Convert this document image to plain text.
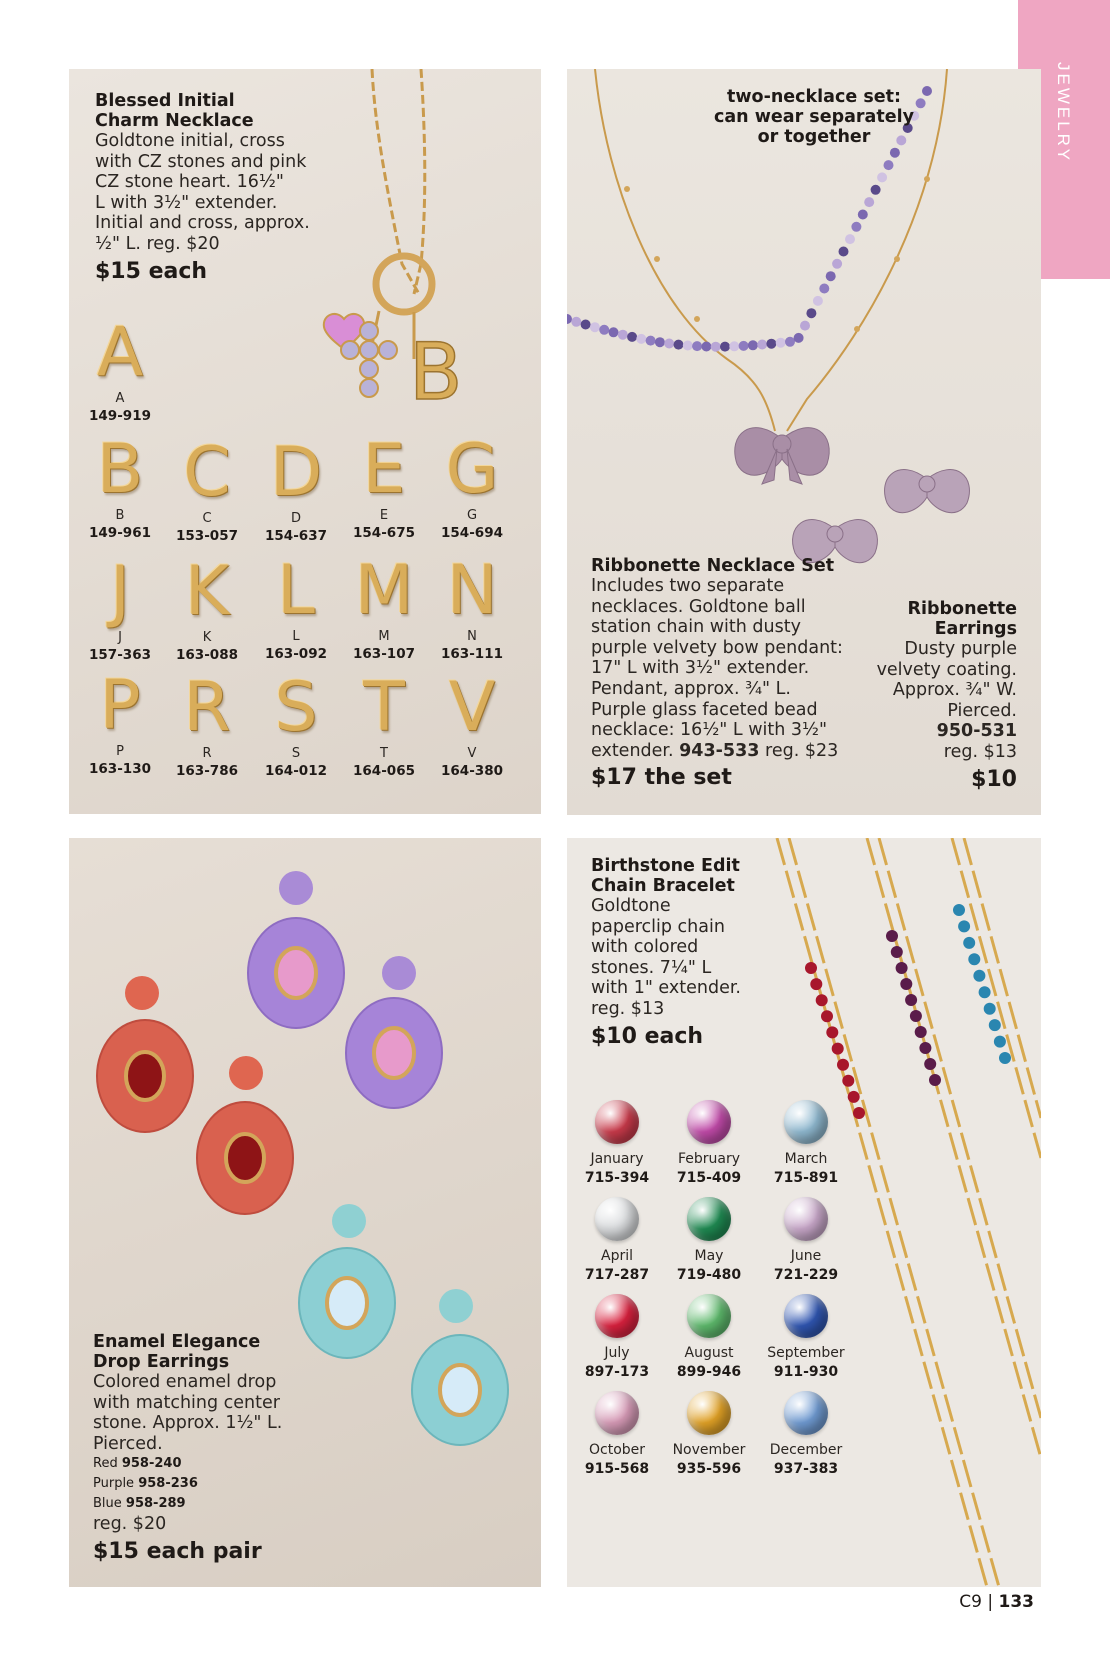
JEWELRY
B
Blessed Initial
Charm Necklace
Goldtone initial, cross
with CZ stones and pink
CZ stone heart. 16½"
L with 3½" extender.
Initial and cross, approx.
½" L. reg. $20
$15 each
A
A
149-919
B
B
149-961
C
C
153-057
D
D
154-637
E
E
154-675
G
G
154-694
J
J
157-363
K
K
163-088
L
L
163-092
M
M
163-107
N
N
163-111
P
P
163-130
R
R
163-786
S
S
164-012
T
T
164-065
V
V
164-380
two-necklace set:
can wear separately
or together
Ribbonette Necklace Set
Includes two separate
necklaces. Goldtone ball
station chain with dusty
purple velvety bow pendant:
17" L with 3½" extender.
Pendant, approx. ¾" L.
Purple glass faceted bead
necklace: 16½" L with 3½"
extender. 943-533 reg. $23
$17 the set
Ribbonette
Earrings
Dusty purple
velvety coating.
Approx. ¾" W.
Pierced.
950-531
reg. $13
$10
Enamel Elegance
Drop Earrings
Colored enamel drop
with matching center
stone. Approx. 1½" L.
Pierced.
Red 958-240
Purple 958-236
Blue 958-289
reg. $20
$15 each pair
Birthstone Edit
Chain Bracelet
Goldtone
paperclip chain
with colored
stones. 7¼" L
with 1" extender.
reg. $13
$10 each
January
715-394
February
715-409
March
715-891
April
717-287
May
719-480
June
721-229
July
897-173
August
899-946
September
911-930
October
915-568
November
935-596
December
937-383
C9 | 133
